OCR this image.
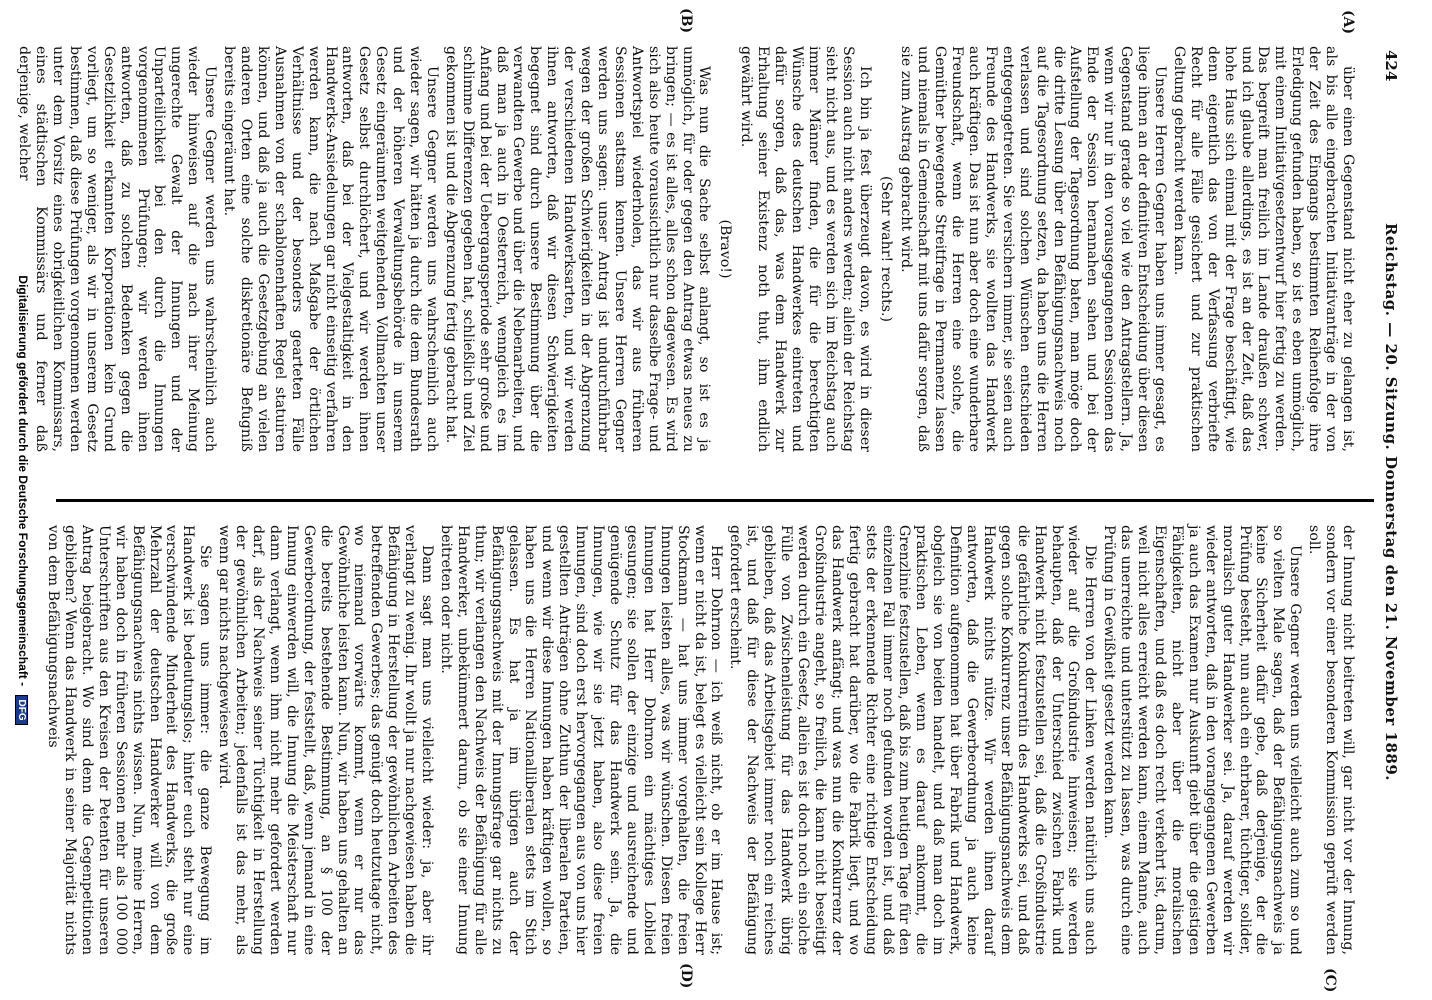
424
Reichstag. — 20. Sitzung. Donnerstag den 21. November 1889.
(A)
(B)
(C)
(D)

über einen Gegenstand nicht eher zu gelangen ist, als bis alle eingebrachten Initiativanträge in der von der Zeit des Eingangs bestimmten Reihenfolge ihre Erledigung gefunden haben, so ist es eben unmöglich, mit einem Initiativgesetzentwurf hier fertig zu werden. Das begreift man freilich im Lande draußen schwer, und ich glaube allerdings, es ist an der Zeit, daß das hohe Haus sich einmal mit der Frage beschäftigt, wie denn eigentlich das von der Verfassung verbriefte Recht für alle Fälle gesichert und zur praktischen Geltung gebracht werden kann.

Unsere Herren Gegner haben uns immer gesagt, es liege ihnen an der definitiven Entscheidung über diesen Gegenstand gerade so viel wie den Antragstellern. Ja, wenn wir nur in den vorausgegangenen Sessionen das Ende der Session herannahen sahen und bei der Aufstellung der Tagesordnung baten, man möge doch die dritte Lesung über den Befähigungsnachweis noch auf die Tagesordnung setzen, da haben uns die Herren verlassen und sind solchen Wünschen entschieden entgegengetreten. Sie versichern immer, sie seien auch Freunde des Handwerks, sie wollten das Handwerk auch kräftigen. Das ist nun aber doch eine wunderbare Freundschaft, wenn die Herren eine solche, die Gemüther bewegende Streitfrage in Permanenz lassen und niemals in Gemeinschaft mit uns dafür sorgen, daß sie zum Austrag gebracht wird.

(Sehr wahr! rechts.)

Ich bin ja fest überzeugt davon, es wird in dieser Session auch nicht anders werden; allein der Reichstag sieht nicht aus, und es werden sich im Reichstag auch immer Männer finden, die für die berechtigten Wünsche des deutschen Handwerkes eintreten und dafür sorgen, daß das, was dem Handwerk zur Erhaltung seiner Existenz noth thut, ihm endlich gewährt wird.

(Bravo!)

Was nun die Sache selbst anlangt, so ist es ja unmöglich, für oder gegen den Antrag etwas neues zu bringen; — es ist alles, alles schon dagewesen. Es wird sich also heute voraussichtlich nur dasselbe Frage- und Antwortspiel wiederholen, das wir aus früheren Sessionen sattsam kennen. Unsere Herren Gegner werden uns sagen: unser Antrag ist undurchführbar wegen der großen Schwierigkeiten in der Abgrenzung der verschiedenen Handwerksarten, und wir werden ihnen antworten, daß wir diesen Schwierigkeiten begegnet sind durch unsere Bestimmung über die verwandten Gewerbe und über die Nebenarbeiten, und daß man ja auch in Oesterreich, wenngleich es im Anfang und bei der Uebergangsperiode sehr große und schlimme Differenzen gegeben hat, schließlich und Ziel gekommen ist und die Abgrenzung fertig gebracht hat.

Unsere Gegner werden uns wahrscheinlich auch wieder sagen, wir hätten ja durch die dem Bundesrath und der höheren Verwaltungsbehörde in unserem Gesetz eingeräumten weitgehenden Vollmachten unser Gesetz selbst durchlöchert, und wir werden ihnen antworten, daß bei der Vielgestaltigkeit in den Handwerks-Ansiedelungen gar nicht einseitig verfahren werden kann, die nach Maßgabe der örtlichen Verhältnisse und der besonders gearteten Fälle Ausnahmen von der schablonenhaften Regel statuiren können, und daß ja auch die Gesetzgebung an vielen anderen Orten eine solche diskretionäre Befugniß bereits eingeräumt hat.

Unsere Gegner werden uns wahrscheinlich auch wieder hinweisen auf die nach ihrer Meinung ungerechte Gewalt der Innungen und der Unparteilichkeit bei den durch die Innungen vorgenommenen Prüfungen; wir werden ihnen antworten, daß zu solchen Bedenken gegen die Gesetzlichkeit erkannten Korporationen kein Grund vorliegt, um so weniger, als wir in unserem Gesetz bestimmen, daß diese Prüfungen vorgenommen werden unter dem Vorsitz eines obrigkeitlichen Kommissars, eines städtischen Kommissärs und ferner daß derjenige, welcher

der Innung nicht beitreten will, gar nicht vor der Innung, sondern vor einer besonderen Kommission geprüft werden soll.

Unsere Gegner werden uns vielleicht auch zum so und so vielten Male sagen, daß der Befähigungsnachweis ja keine Sicherheit dafür gebe, daß derjenige, der die Prüfung besteht, nun auch ein ehrbarer, tüchtiger, solider, moralisch guter Handwerker sei. Ja, darauf werden wir wieder antworten, daß in den vorangegangenen Gewerben ja auch das Examen nur Auskunft giebt über die geistigen Fähigkeiten, nicht aber über die moralischen Eigenschaften, und daß es doch recht verkehrt ist, darum, weil nicht alles erreicht werden kann, einem Manne, auch das unerreichte und unterstützt zu lassen, was durch eine Prüfung in Gewißheit gesetzt werden kann.

Die Herren von der Linken werden natürlich uns auch wieder auf die Großindustrie hinweisen; sie werden behaupten, daß der Unterschied zwischen Fabrik und Handwerk nicht festzustellen sei, daß die Großindustrie die gefährliche Konkurrentin des Handwerks sei, und daß gegen solche Konkurrenz unser Befähigungsnachweis dem Handwerk nichts nütze. Wir werden ihnen darauf antworten, daß die Gewerbeordnung ja auch keine Definition aufgenommen hat über Fabrik und Handwerk, obgleich sie von beiden handelt, und daß man doch im praktischen Leben, wenn es darauf ankommt, die Grenzlinie festzustellen, daß bis zum heutigen Tage für den einzelnen Fall immer noch gefunden worden ist, und daß stets der erkennende Richter eine richtige Entscheidung fertig gebracht hat darüber, wo die Fabrik liegt, und wo das Handwerk anfängt; und was nun die Konkurrenz der Großindustrie angeht, so freilich, die kann nicht beseitigt werden durch ein Gesetz, allein es ist doch noch ein solche Fülle von Zwischenleistung für das Handwerk übrig geblieben, daß das Arbeitsgebiet immer noch ein reiches ist, und daß für diese der Nachweis der Befähigung gefordert erscheint.

Herr Dohrnon — ich weiß nicht, ob er im Hause ist; wenn er nicht da ist, belegt es vielleicht sein Kollege Herr Stockmann — hat uns immer vorgehalten, die freien Innungen leisten alles, was wir wünschen. Diesen freien Innungen hat Herr Dohrnon ein mächtiges Loblied gesungen; sie sollen der einzige und ausreichende und genügende Schutz für das Handwerk sein. Ja, die Innungen, wie wir sie jetzt haben, also diese freien Innungen, sind doch erst hervorgegangen aus von uns hier gestellten Anträgen ohne Zuthun der liberalen Parteien, und wenn wir diese Innungen haben kräftigen wollen, so haben uns die Herren Nationalliberalen stets im Stich gelassen. Es hat ja im übrigen auch der Befähigungsnachweis mit der Innungsfrage gar nichts zu thun; wir verlangen den Nachweis der Befähigung für alle Handwerker, unbekümmert darum, ob sie einer Innung beitreten oder nicht.

Dann sagt man uns vielleicht wieder: ja, aber ihr verlangt zu wenig. Ihr wollt ja nur nachgewiesen haben die Befähigung in Herstellung der gewöhnlichen Arbeiten des betreffenden Gewerbes; das genügt doch heutzutage nicht, wo niemand vorwärts kommt, wenn er nur das Gewöhnliche leisten kann. Nun, wir haben uns gehalten an die bereits bestehende Bestimmung, an § 100 der Gewerbeordnung, der feststellt, daß, wenn jemand in eine Innung einwerden will, die Innung die Meisterschaft nur dann verlangt, wenn ihm nicht mehr gefordert werden darf, als der Nachweis seiner Tüchtigkeit in Herstellung der gewöhnlichen Arbeiten; jedenfalls ist das mehr, als wenn gar nichts nachgewiesen wird.

Sie sagen uns immer: die ganze Bewegung im Handwerk ist bedeutungslos; hinter euch steht nur eine verschwindende Minderheit des Handwerks, die große Mehrzahl der deutschen Handwerker will von dem Befähigungsnachweis nichts wissen. Nun, meine Herren, wir haben doch in früheren Sessionen mehr als 100 000 Unterschriften aus den Kreisen der Petenten für unseren Antrag beigebracht. Wo sind denn die Gegenpetitionen geblieben? Wenn das Handwerk in seiner Majorität nichts von dem Befähigungsnachweis

Digitalisierung gefördert durch die Deutsche Forschungsgemeinschaft - DFG
